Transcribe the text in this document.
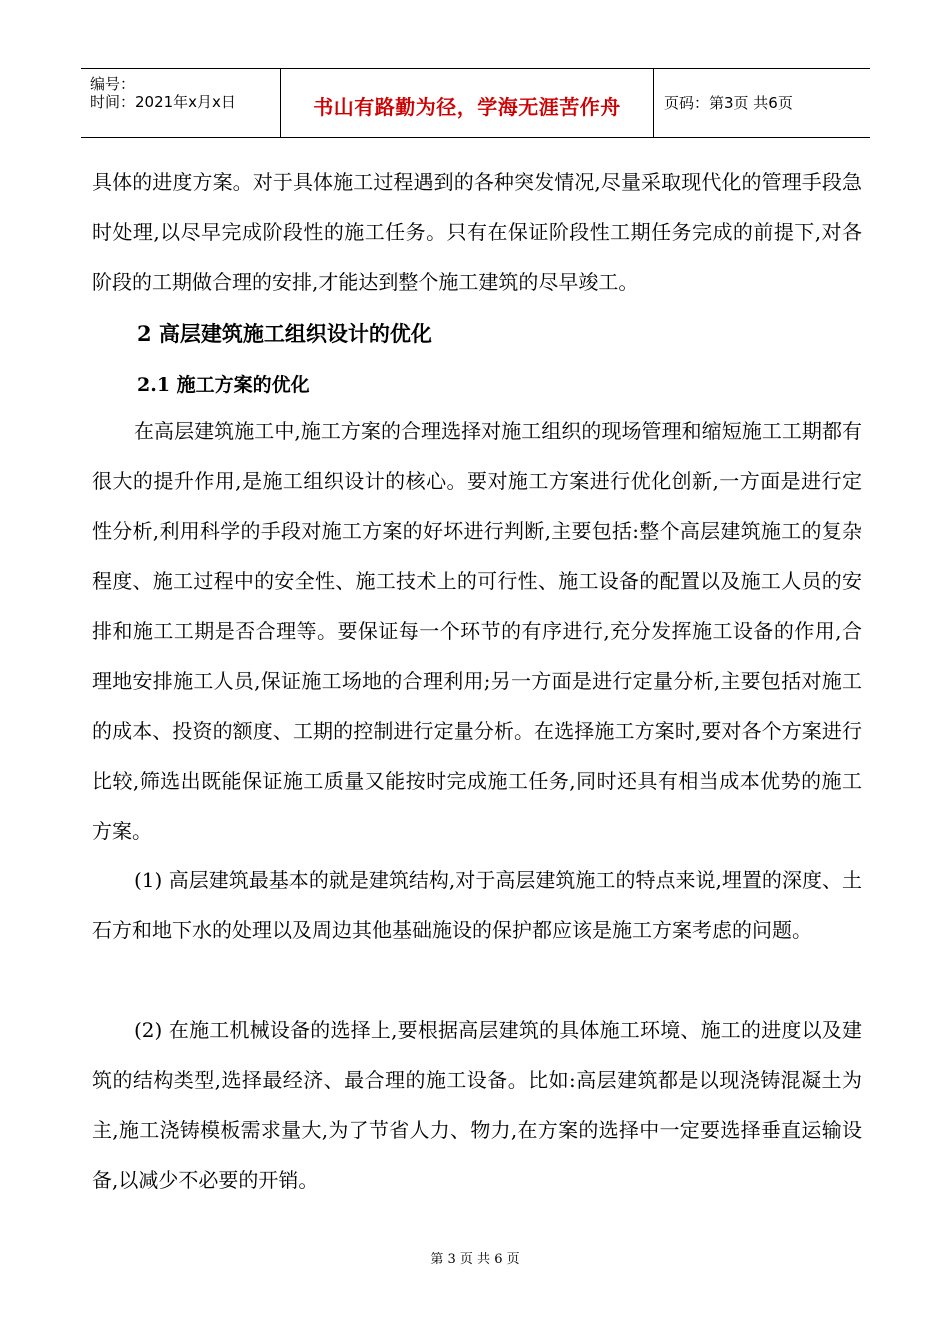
编号：
时间：2021年x月x日	书山有路勤为径，学海无涯苦作舟	页码：第3页 共6页
具体的进度方案。对于具体施工过程遇到的各种突发情况,尽量采取现代化的管理手段急时处理,以尽早完成阶段性的施工任务。只有在保证阶段性工期任务完成的前提下,对各阶段的工期做合理的安排,才能达到整个施工建筑的尽早竣工。
2 高层建筑施工组织设计的优化
2.1 施工方案的优化
在高层建筑施工中,施工方案的合理选择对施工组织的现场管理和缩短施工工期都有很大的提升作用,是施工组织设计的核心。要对施工方案进行优化创新,一方面是进行定性分析,利用科学的手段对施工方案的好坏进行判断,主要包括:整个高层建筑施工的复杂程度、施工过程中的安全性、施工技术上的可行性、施工设备的配置以及施工人员的安排和施工工期是否合理等。要保证每一个环节的有序进行,充分发挥施工设备的作用,合理地安排施工人员,保证施工场地的合理利用;另一方面是进行定量分析,主要包括对施工的成本、投资的额度、工期的控制进行定量分析。在选择施工方案时,要对各个方案进行比较,筛选出既能保证施工质量又能按时完成施工任务,同时还具有相当成本优势的施工方案。
(1) 高层建筑最基本的就是建筑结构,对于高层建筑施工的特点来说,埋置的深度、土石方和地下水的处理以及周边其他基础施设的保护都应该是施工方案考虑的问题。
(2) 在施工机械设备的选择上,要根据高层建筑的具体施工环境、施工的进度以及建筑的结构类型,选择最经济、最合理的施工设备。比如:高层建筑都是以现浇铸混凝土为主,施工浇铸模板需求量大,为了节省人力、物力,在方案的选择中一定要选择垂直运输设备,以减少不必要的开销。
第 3 页 共 6 页
